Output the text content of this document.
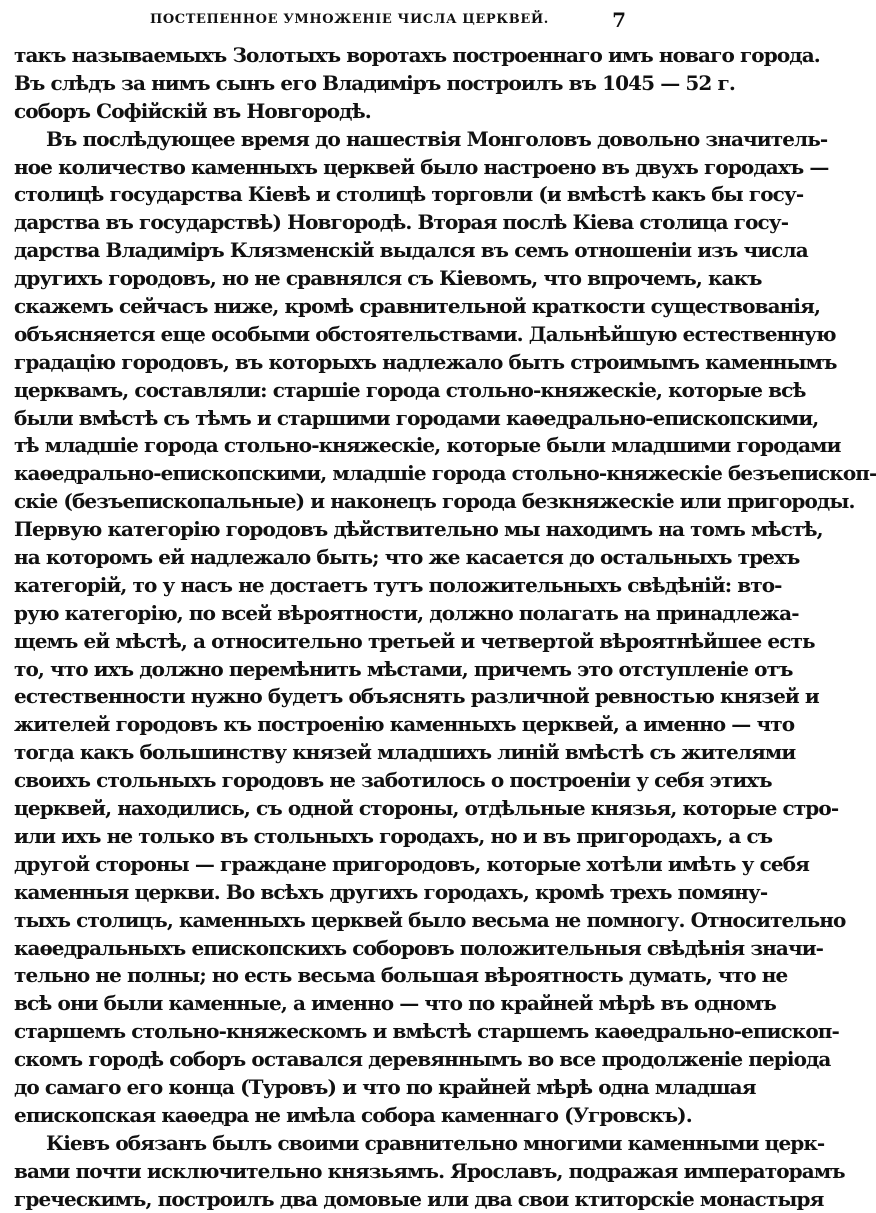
ПОСТЕПЕННОЕ УМНОЖЕНІЕ ЧИСЛА ЦЕРКВЕЙ.	7
такъ называемыхъ Золотыхъ воротахъ построеннаго имъ новаго города.
Въ слѣдъ за нимъ сынъ его Владиміръ построилъ въ 1045 — 52 г.
соборъ Софійскій въ Новгородѣ.
Въ послѣдующее время до нашествія Монголовъ довольно значитель-
ное количество каменныхъ церквей было настроено въ двухъ городахъ —
столицѣ государства Кіевѣ и столицѣ торговли (и вмѣстѣ какъ бы госу-
дарства въ государствѣ) Новгородѣ. Вторая послѣ Кіева столица госу-
дарства Владиміръ Клязменскій выдался въ семъ отношеніи изъ числа
другихъ городовъ, но не сравнялся съ Кіевомъ, что впрочемъ, какъ
скажемъ сейчасъ ниже, кромѣ сравнительной краткости существованія,
объясняется еще особыми обстоятельствами. Дальнѣйшую естественную
градацію городовъ, въ которыхъ надлежало быть строимымъ каменнымъ
церквамъ, составляли: старшіе города стольно-княжескіе, которые всѣ
были вмѣстѣ съ тѣмъ и старшими городами каѳедрально-епископскими,
тѣ младшіе города стольно-княжескіе, которые были младшими городами
каѳедрально-епископскими, младшіе города стольно-княжескіе безъепископ-
скіе (безъепископальные) и наконецъ города безкняжескіе или пригороды.
Первую категорію городовъ дѣйствительно мы находимъ на томъ мѣстѣ,
на которомъ ей надлежало быть; что же касается до остальныхъ трехъ
категорій, то у насъ не достаетъ тутъ положительныхъ свѣдѣній: вто-
рую категорію, по всей вѣроятности, должно полагать на принадлежа-
щемъ ей мѣстѣ, а относительно третьей и четвертой вѣроятнѣйшее есть
то, что ихъ должно перемѣнить мѣстами, причемъ это отступленіе отъ
естественности нужно будетъ объяснять различной ревностью князей и
жителей городовъ къ построенію каменныхъ церквей, а именно — что
тогда какъ большинству князей младшихъ линій вмѣстѣ съ жителями
своихъ стольныхъ городовъ не заботилось о построеніи у себя этихъ
церквей, находились, съ одной стороны, отдѣльные князья, которые стро-
или ихъ не только въ стольныхъ городахъ, но и въ пригородахъ, а съ
другой стороны — граждане пригородовъ, которые хотѣли имѣть у себя
каменныя церкви. Во всѣхъ другихъ городахъ, кромѣ трехъ помяну-
тыхъ столицъ, каменныхъ церквей было весьма не помногу. Относительно
каѳедральныхъ епископскихъ соборовъ положительныя свѣдѣнія значи-
тельно не полны; но есть весьма большая вѣроятность думать, что не
всѣ они были каменные, а именно — что по крайней мѣрѣ въ одномъ
старшемъ стольно-княжескомъ и вмѣстѣ старшемъ каѳедрально-епископ-
скомъ городѣ соборъ оставался деревяннымъ во все продолженіе періода
до самаго его конца (Туровъ) и что по крайней мѣрѣ одна младшая
епископская каѳедра не имѣла собора каменнаго (Угровскъ).
Кіевъ обязанъ былъ своими сравнительно многими каменными церк-
вами почти исключительно князьямъ. Ярославъ, подражая императорамъ
греческимъ, построилъ два домовые или два свои ктиторскіе монастыря
